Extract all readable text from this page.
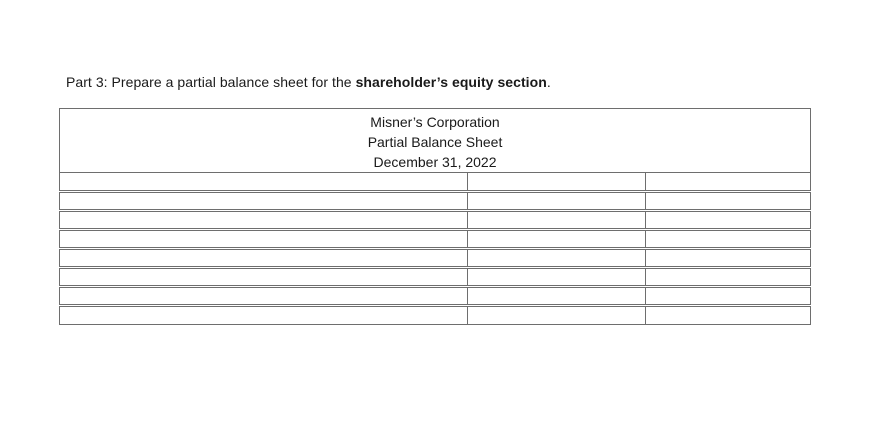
Part 3: Prepare a partial balance sheet for the shareholder’s equity section.
Misner’s Corporation
Partial Balance Sheet
December 31, 2022		
